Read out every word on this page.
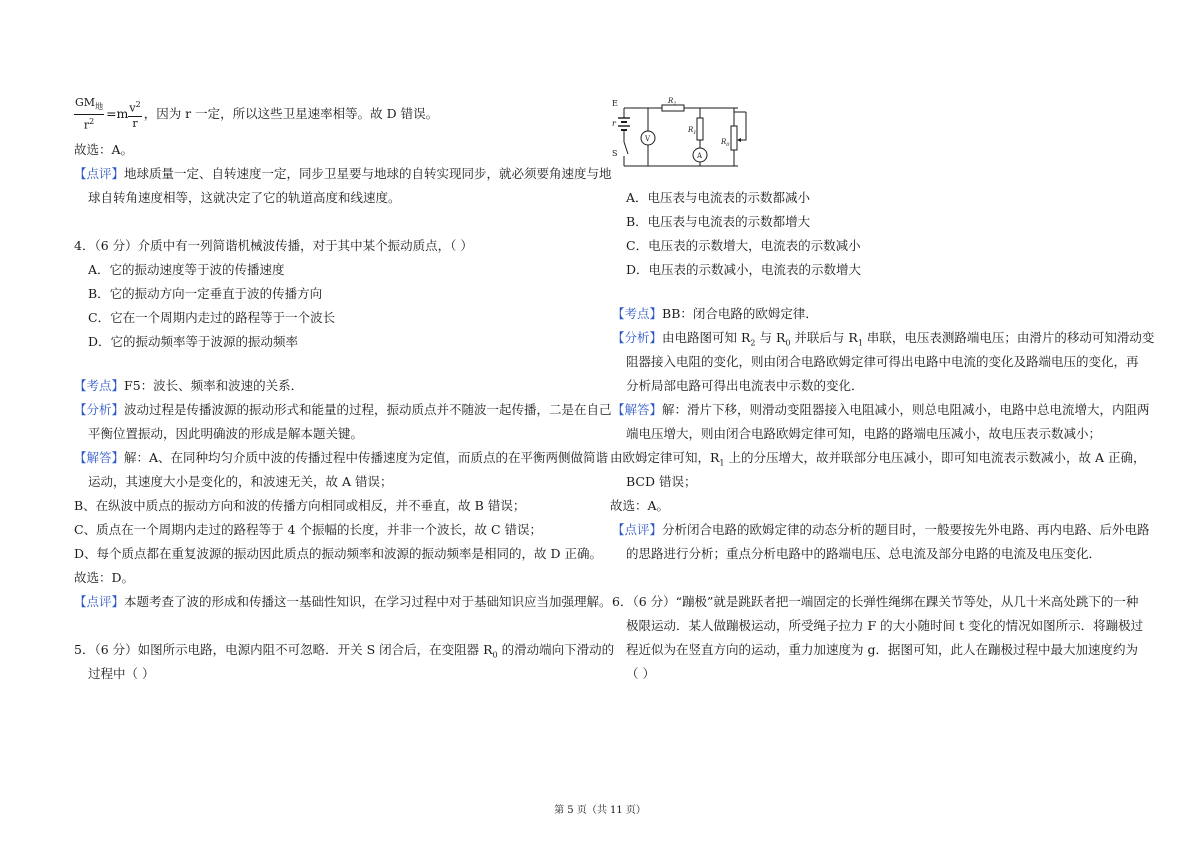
$\frac{GM_地}{r^2} =m \frac{v^2}{r}$ ，因为 r 一定，所以这些卫星速率相等。故 D 错误。
故选：A。
【点评】地球质量一定、自转速度一定，同步卫星要与地球的自转实现同步，就必须要角速度与地
球自转角速度相等，这就决定了它的轨道高度和线速度。
4．（6 分）介质中有一列简谐机械波传播，对于其中某个振动质点，（ ）
A．它的振动速度等于波的传播速度
B．它的振动方向一定垂直于波的传播方向
C．它在一个周期内走过的路程等于一个波长
D．它的振动频率等于波源的振动频率
【考点】F5：波长、频率和波速的关系．
【分析】波动过程是传播波源的振动形式和能量的过程，振动质点并不随波一起传播，二是在自己
平衡位置振动，因此明确波的形成是解本题关键。
【解答】解：A、在同种均匀介质中波的传播过程中传播速度为定值，而质点的在平衡两侧做简谐
运动，其速度大小是变化的，和波速无关，故 A 错误；
B、在纵波中质点的振动方向和波的传播方向相同或相反，并不垂直，故 B 错误；
C、质点在一个周期内走过的路程等于 4 个振幅的长度，并非一个波长，故 C 错误；
D、每个质点都在重复波源的振动因此质点的振动频率和波源的振动频率是相同的，故 D 正确。
故选：D。
【点评】本题考查了波的形成和传播这一基础性知识，在学习过程中对于基础知识应当加强理解。
5．（6 分）如图所示电路，电源内阻不可忽略．开关 S 闭合后，在变阻器 $R_0$ 的滑动端向下滑动的
过程中（ ）
E
r
S
V
A
$R_2$
$R_1$
$R_0$
A．电压表与电流表的示数都减小
B．电压表与电流表的示数都增大
C．电压表的示数增大，电流表的示数减小
D．电压表的示数减小，电流表的示数增大
【考点】BB：闭合电路的欧姆定律．
【分析】由电路图可知 $R_2$ 与 $R_0$ 并联后与 $R_1$ 串联，电压表测路端电压；由滑片的移动可知滑动变
阻器接入电阻的变化，则由闭合电路欧姆定律可得出电路中电流的变化及路端电压的变化，再
分析局部电路可得出电流表中示数的变化．
【解答】解：滑片下移，则滑动变阻器接入电阻减小，则总电阻减小，电路中总电流增大，内阻两
端电压增大，则由闭合电路欧姆定律可知，电路的路端电压减小，故电压表示数减小；
由欧姆定律可知，$R_1$ 上的分压增大，故并联部分电压减小，即可知电流表示数减小，故 A 正确，
BCD 错误；
故选：A。
【点评】分析闭合电路的欧姆定律的动态分析的题目时，一般要按先外电路、再内电路、后外电路
的思路进行分析；重点分析电路中的路端电压、总电流及部分电路的电流及电压变化．
6．（6 分）“蹦极”就是跳跃者把一端固定的长弹性绳绑在踝关节等处，从几十米高处跳下的一种
极限运动．某人做蹦极运动，所受绳子拉力 F 的大小随时间 t 变化的情况如图所示．将蹦极过
程近似为在竖直方向的运动，重力加速度为 g．据图可知，此人在蹦极过程中最大加速度约为
（ ）
第 5 页（共 11 页）
